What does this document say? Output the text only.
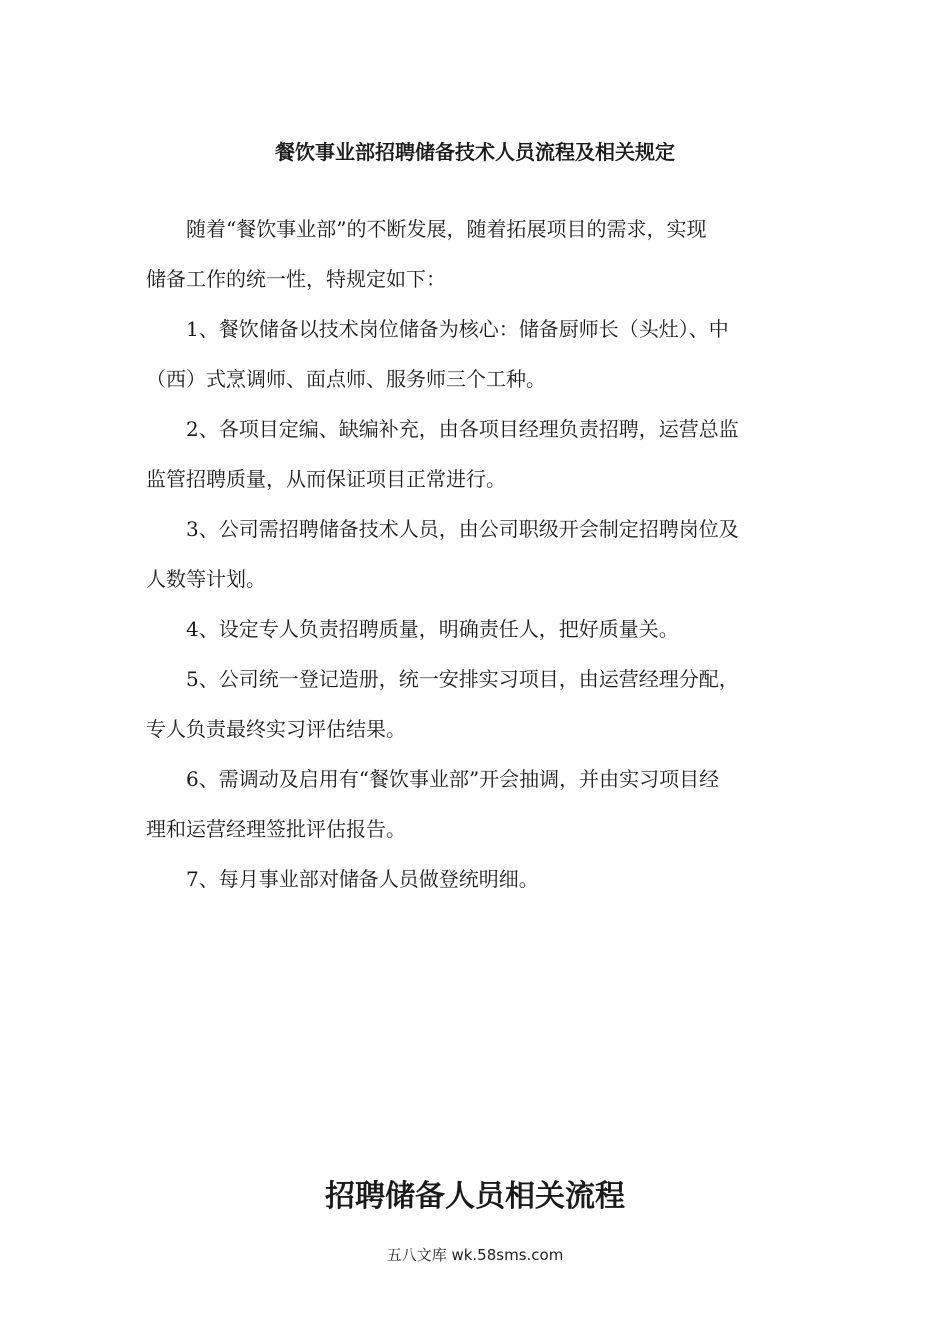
餐饮事业部招聘储备技术人员流程及相关规定

随着“餐饮事业部”的不断发展，随着拓展项目的需求，实现
储备工作的统一性，特规定如下：

1、餐饮储备以技术岗位储备为核心：储备厨师长（头灶）、中
（西）式烹调师、面点师、服务师三个工种。

2、各项目定编、缺编补充，由各项目经理负责招聘，运营总监
监管招聘质量，从而保证项目正常进行。

3、公司需招聘储备技术人员，由公司职级开会制定招聘岗位及
人数等计划。

4、设定专人负责招聘质量，明确责任人，把好质量关。

5、公司统一登记造册，统一安排实习项目，由运营经理分配，
专人负责最终实习评估结果。

6、需调动及启用有“餐饮事业部”开会抽调，并由实习项目经
理和运营经理签批评估报告。

7、每月事业部对储备人员做登统明细。

招聘储备人员相关流程

五八文库 wk.58sms.com
